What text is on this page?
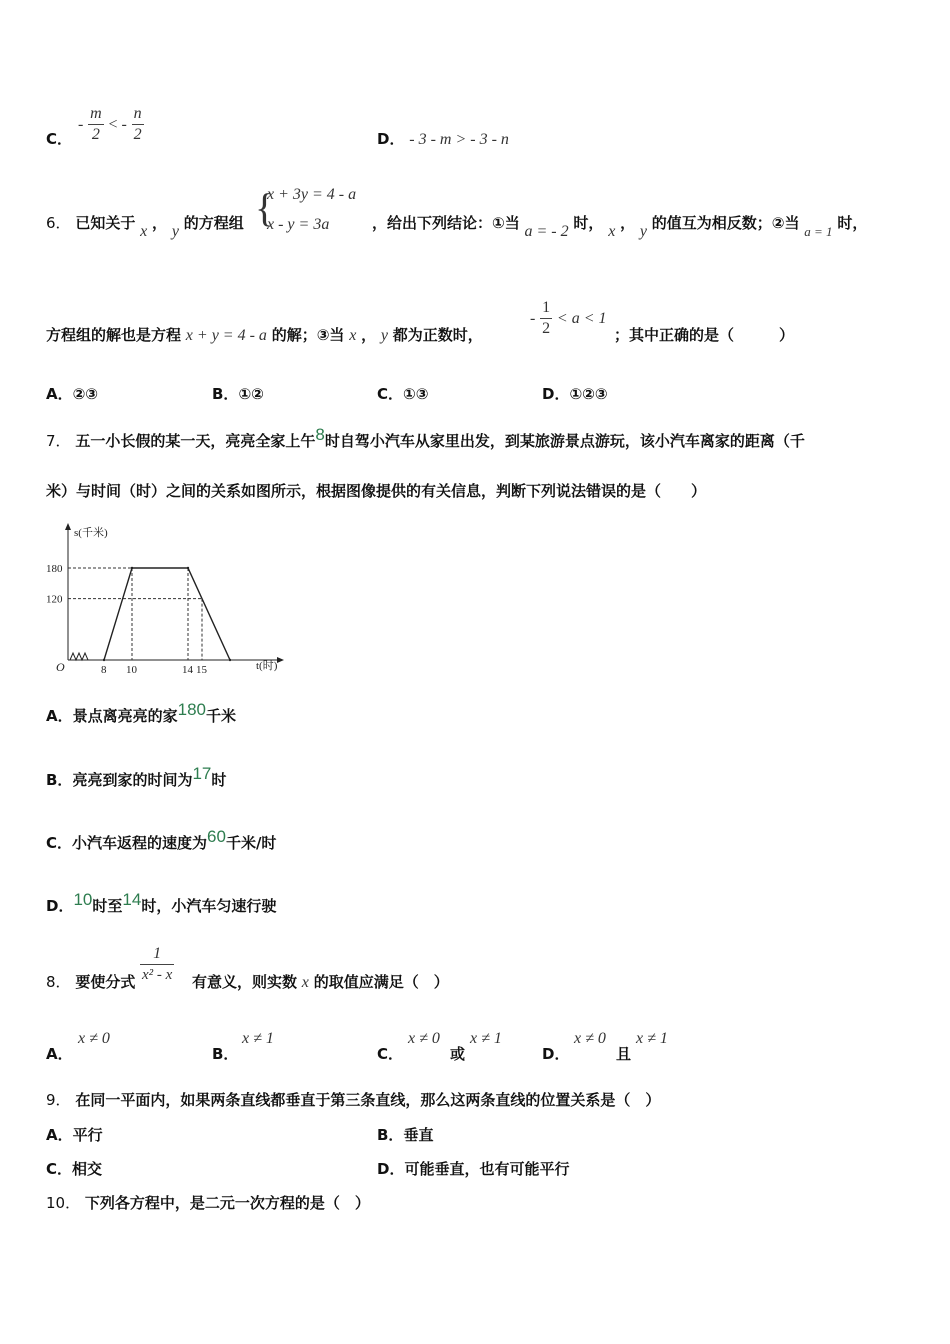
C．
- $\frac{m}{2}$ < - $\frac{n}{2}$	D． - 3 - m > - 3 - n
6． 已知关于 x ， y 的方程组 {
x + 3y = 4 - a
x - y = 3a	，给出下列结论：①当 a = - 2 时， x ， y 的值互为相反数；②当 a = 1 时，
方程组的解也是方程 x + y = 4 - a 的解；③当 x ， y 都为正数时，
- $\frac{1}{2} < a < 1$
；其中正确的是（　　　）
A．②③	B．①②	C．①③	D．①②③
7． 五一小长假的某一天，亮亮全家上午8时自驾小汽车从家里出发，到某旅游景点游玩，该小汽车离家的距离（千
米）与时间（时）之间的关系如图所示，根据图像提供的有关信息，判断下列说法错误的是（　　）
s(千米)
t(时)
O
180
120
8 10	14 15
A．景点离亮亮的家180千米
B．亮亮到家的时间为17时
C．小汽车返程的速度为60千米/时
D．10时至14时，小汽车匀速行驶
8． 要使分式 $\frac{1}{\text{x² - x}}$ 有意义，则实数 x 的取值应满足（　）
A．
x ≠ 0
B．
x ≠ 1
C．
x ≠ 0
或
x ≠ 1
D．
x ≠ 0
且
x ≠ 1
9． 在同一平面内，如果两条直线都垂直于第三条直线，那么这两条直线的位置关系是（　）
A．平行	B．垂直
C．相交	D．可能垂直，也有可能平行
10． 下列各方程中，是二元一次方程的是（　）
